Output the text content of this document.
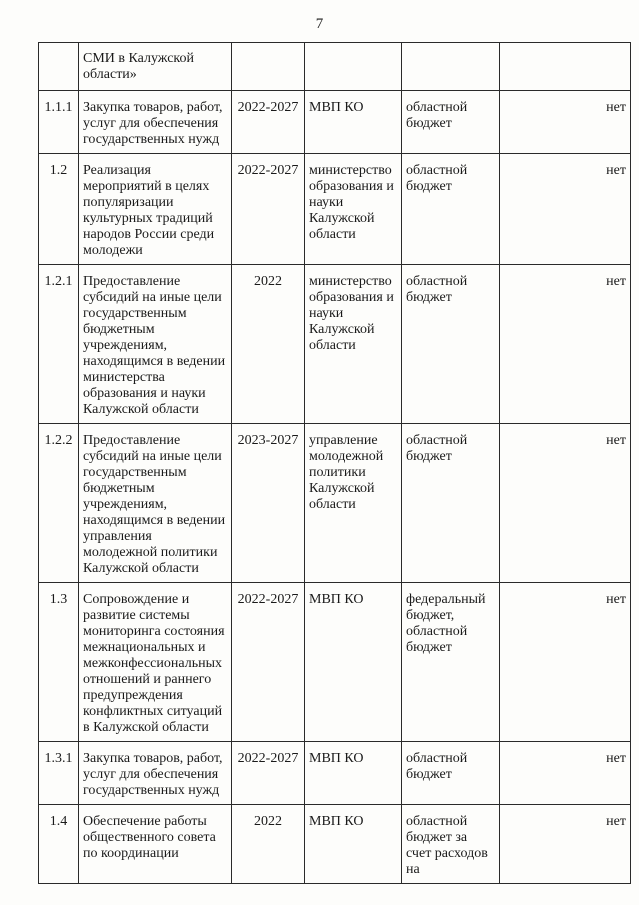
7
	СМИ в Калужской области»				
1.1.1	Закупка товаров, работ, услуг для обеспечения государственных нужд	2022-2027	МВП КО	областной бюджет	нет
1.2	Реализация мероприятий в целях популяризации культурных традиций народов России среди молодежи	2022-2027	министерство образования и науки Калужской области	областной бюджет	нет
1.2.1	Предоставление субсидий на иные цели государственным бюджетным учреждениям, находящимся в ведении министерства образования и науки Калужской области	2022	министерство образования и науки Калужской области	областной бюджет	нет
1.2.2	Предоставление субсидий на иные цели государственным бюджетным учреждениям, находящимся в ведении управления молодежной политики Калужской области	2023-2027	управление молодежной политики Калужской области	областной бюджет	нет
1.3	Сопровождение и развитие системы мониторинга состояния межнациональных и межконфессиональных отношений и раннего предупреждения конфликтных ситуаций в Калужской области	2022-2027	МВП КО	федеральный бюджет, областной бюджет	нет
1.3.1	Закупка товаров, работ, услуг для обеспечения государственных нужд	2022-2027	МВП КО	областной бюджет	нет
1.4	Обеспечение работы общественного совета по координации	2022	МВП КО	областной бюджет за счет расходов на	нет
